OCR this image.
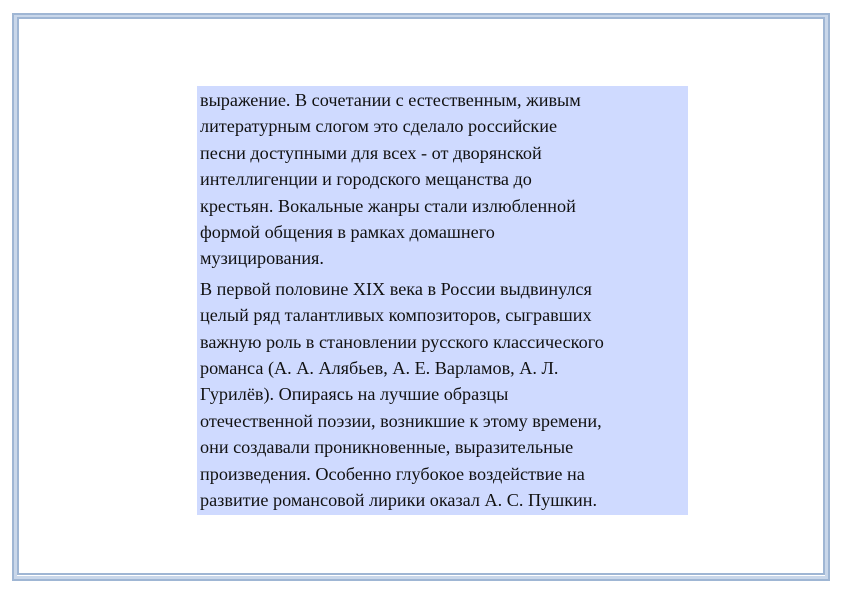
выражение. В сочетании с естественным, живым
литературным слогом это сделало российские
песни доступными для всех - от дворянской
интеллигенции и городского мещанства до
крестьян. Вокальные жанры стали излюбленной
формой общения в рамках домашнего
музицирования.

В первой половине XIX века в России выдвинулся
целый ряд талантливых композиторов, сыгравших
важную роль в становлении русского классического
романса (А. А. Алябьев, А. Е. Варламов, А. Л.
Гурилёв). Опираясь на лучшие образцы
отечественной поэзии, возникшие к этому времени,
они создавали проникновенные, выразительные
произведения. Особенно глубокое воздействие на
развитие романсовой лирики оказал А. С. Пушкин.
